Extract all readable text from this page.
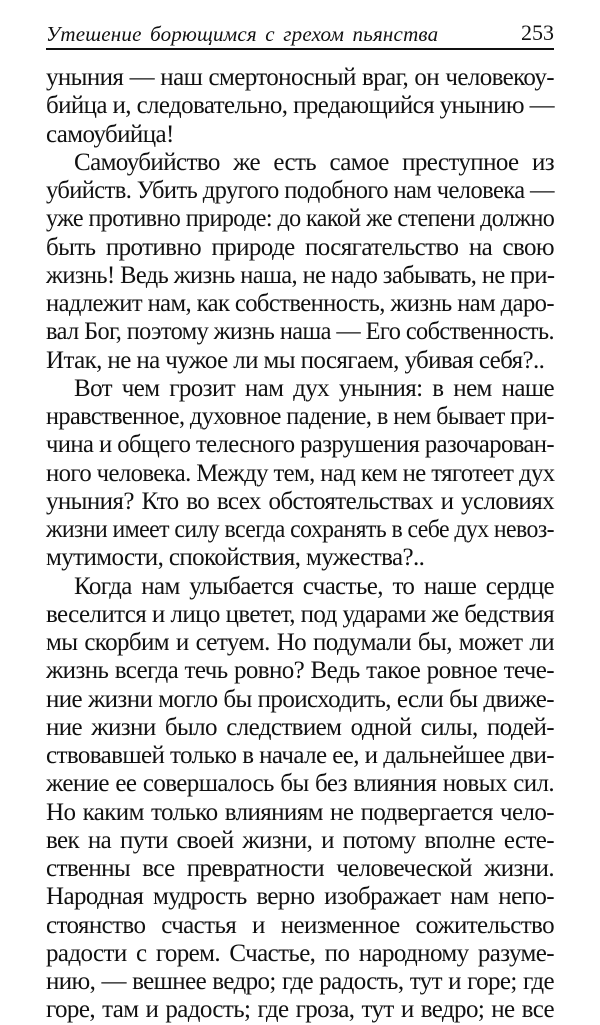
Утешение борющимся с грехом пьянства	253
уныния — наш смертоносный враг, он человекоу-
бийца и, следовательно, предающийся унынию —
самоубийца!
Самоубийство же есть самое преступное из
убийств. Убить другого подобного нам человека —
уже противно природе: до какой же степени должно
быть противно природе посягательство на свою
жизнь! Ведь жизнь наша, не надо забывать, не при-
надлежит нам, как собственность, жизнь нам даро-
вал Бог, поэтому жизнь наша — Его собственность.
Итак, не на чужое ли мы посягаем, убивая себя?..
Вот чем грозит нам дух уныния: в нем наше
нравственное, духовное падение, в нем бывает при-
чина и общего телесного разрушения разочарован-
ного человека. Между тем, над кем не тяготеет дух
уныния? Кто во всех обстоятельствах и условиях
жизни имеет силу всегда сохранять в себе дух невоз-
мутимости, спокойствия, мужества?..
Когда нам улыбается счастье, то наше сердце
веселится и лицо цветет, под ударами же бедствия
мы скорбим и сетуем. Но подумали бы, может ли
жизнь всегда течь ровно? Ведь такое ровное тече-
ние жизни могло бы происходить, если бы движе-
ние жизни было следствием одной силы, подей-
ствовавшей только в начале ее, и дальнейшее дви-
жение ее совершалось бы без влияния новых сил.
Но каким только влияниям не подвергается чело-
век на пути своей жизни, и потому вполне есте-
ственны все превратности человеческой жизни.
Народная мудрость верно изображает нам непо-
стоянство счастья и неизменное сожительство
радости с горем. Счастье, по народному разуме-
нию, — вешнее ведро; где радость, тут и горе; где
горе, там и радость; где гроза, тут и ведро; не все
